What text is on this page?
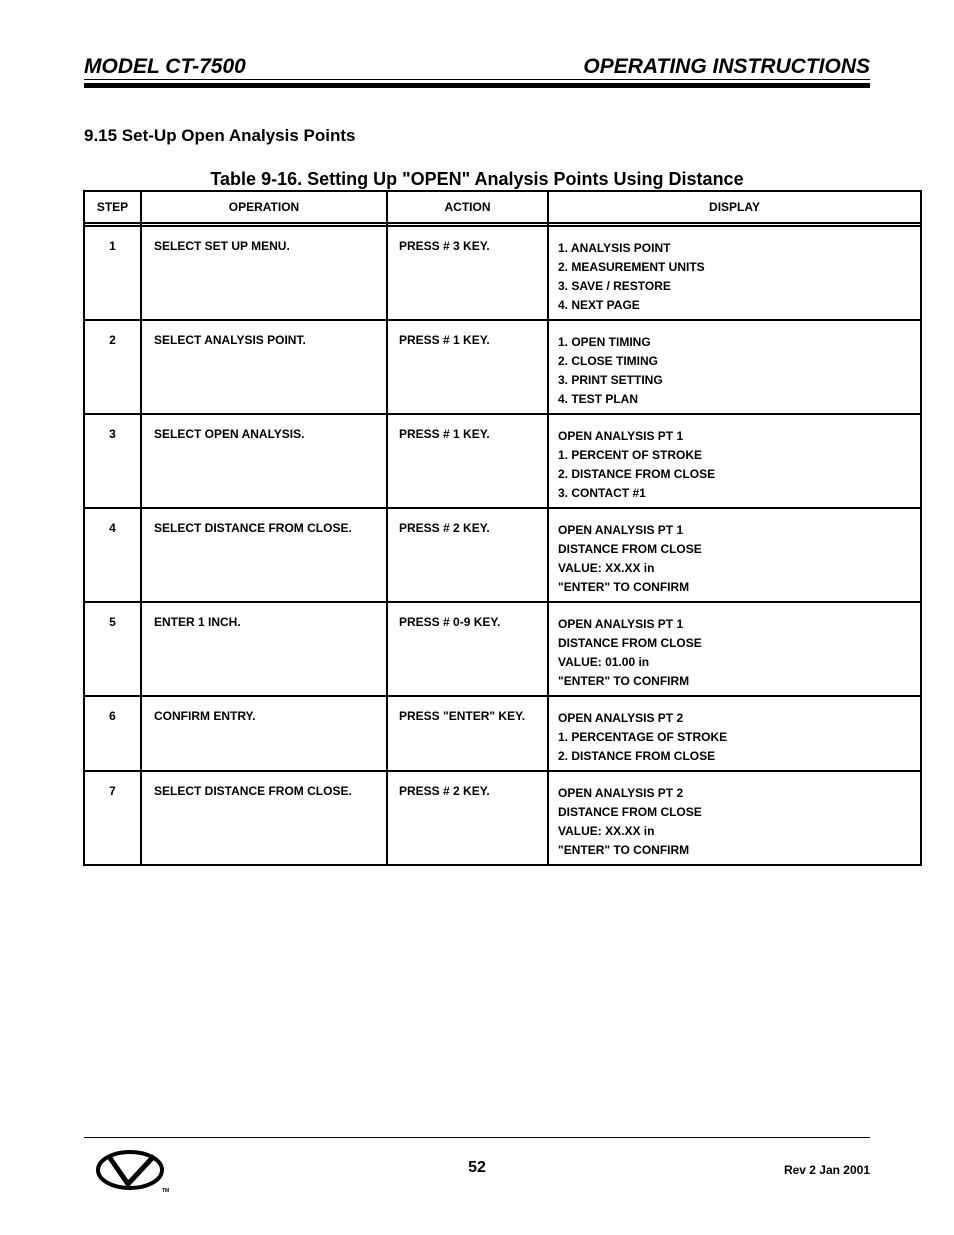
MODEL CT-7500	OPERATING INSTRUCTIONS
9.15 Set-Up Open Analysis Points
Table 9-16. Setting Up "OPEN" Analysis Points Using Distance
STEP	OPERATION	ACTION	DISPLAY

1	SELECT SET UP MENU.	PRESS # 3 KEY.	1. ANALYSIS POINT
2. MEASUREMENT UNITS
3. SAVE / RESTORE
4. NEXT PAGE

2	SELECT ANALYSIS POINT.	PRESS # 1 KEY.	1. OPEN TIMING
2. CLOSE TIMING
3. PRINT SETTING
4. TEST PLAN

3	SELECT OPEN ANALYSIS.	PRESS # 1 KEY.	OPEN ANALYSIS PT 1
1. PERCENT OF STROKE
2. DISTANCE FROM CLOSE
3. CONTACT #1

4	SELECT DISTANCE FROM CLOSE.	PRESS # 2 KEY.	OPEN ANALYSIS PT 1
DISTANCE FROM CLOSE
VALUE: XX.XX in
"ENTER" TO CONFIRM

5	ENTER 1 INCH.	PRESS # 0-9 KEY.	OPEN ANALYSIS PT 1
DISTANCE FROM CLOSE
VALUE: 01.00 in
"ENTER" TO CONFIRM

6	CONFIRM ENTRY.	PRESS "ENTER" KEY.	OPEN ANALYSIS PT 2
1. PERCENTAGE OF STROKE
2. DISTANCE FROM CLOSE

7	SELECT DISTANCE FROM CLOSE.	PRESS # 2 KEY.	OPEN ANALYSIS PT 2
DISTANCE FROM CLOSE
VALUE: XX.XX in
"ENTER" TO CONFIRM
TM
52	Rev 2 Jan 2001
